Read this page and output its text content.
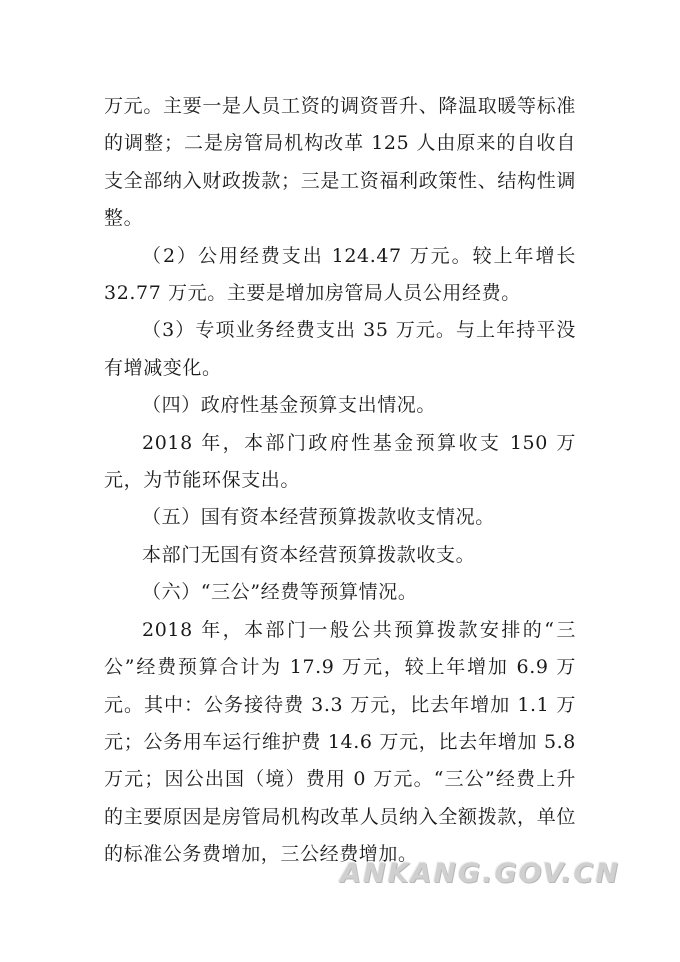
万元。主要一是人员工资的调资晋升、降温取暖等标准的调整；二是房管局机构改革 125 人由原来的自收自支全部纳入财政拨款；三是工资福利政策性、结构性调整。

（2）公用经费支出 124.47 万元。较上年增长 32.77 万元。主要是增加房管局人员公用经费。

（3）专项业务经费支出 35 万元。与上年持平没有增减变化。

（四）政府性基金预算支出情况。

2018 年，本部门政府性基金预算收支 150 万元，为节能环保支出。

（五）国有资本经营预算拨款收支情况。

本部门无国有资本经营预算拨款收支。

（六）“三公”经费等预算情况。

2018 年，本部门一般公共预算拨款安排的“三公”经费预算合计为 17.9 万元，较上年增加 6.9 万元。其中：公务接待费 3.3 万元，比去年增加 1.1 万元；公务用车运行维护费 14.6 万元，比去年增加 5.8 万元；因公出国（境）费用 0 万元。“三公”经费上升的主要原因是房管局机构改革人员纳入全额拨款，单位的标准公务费增加，三公经费增加。

ANKANG.GOV.CN
